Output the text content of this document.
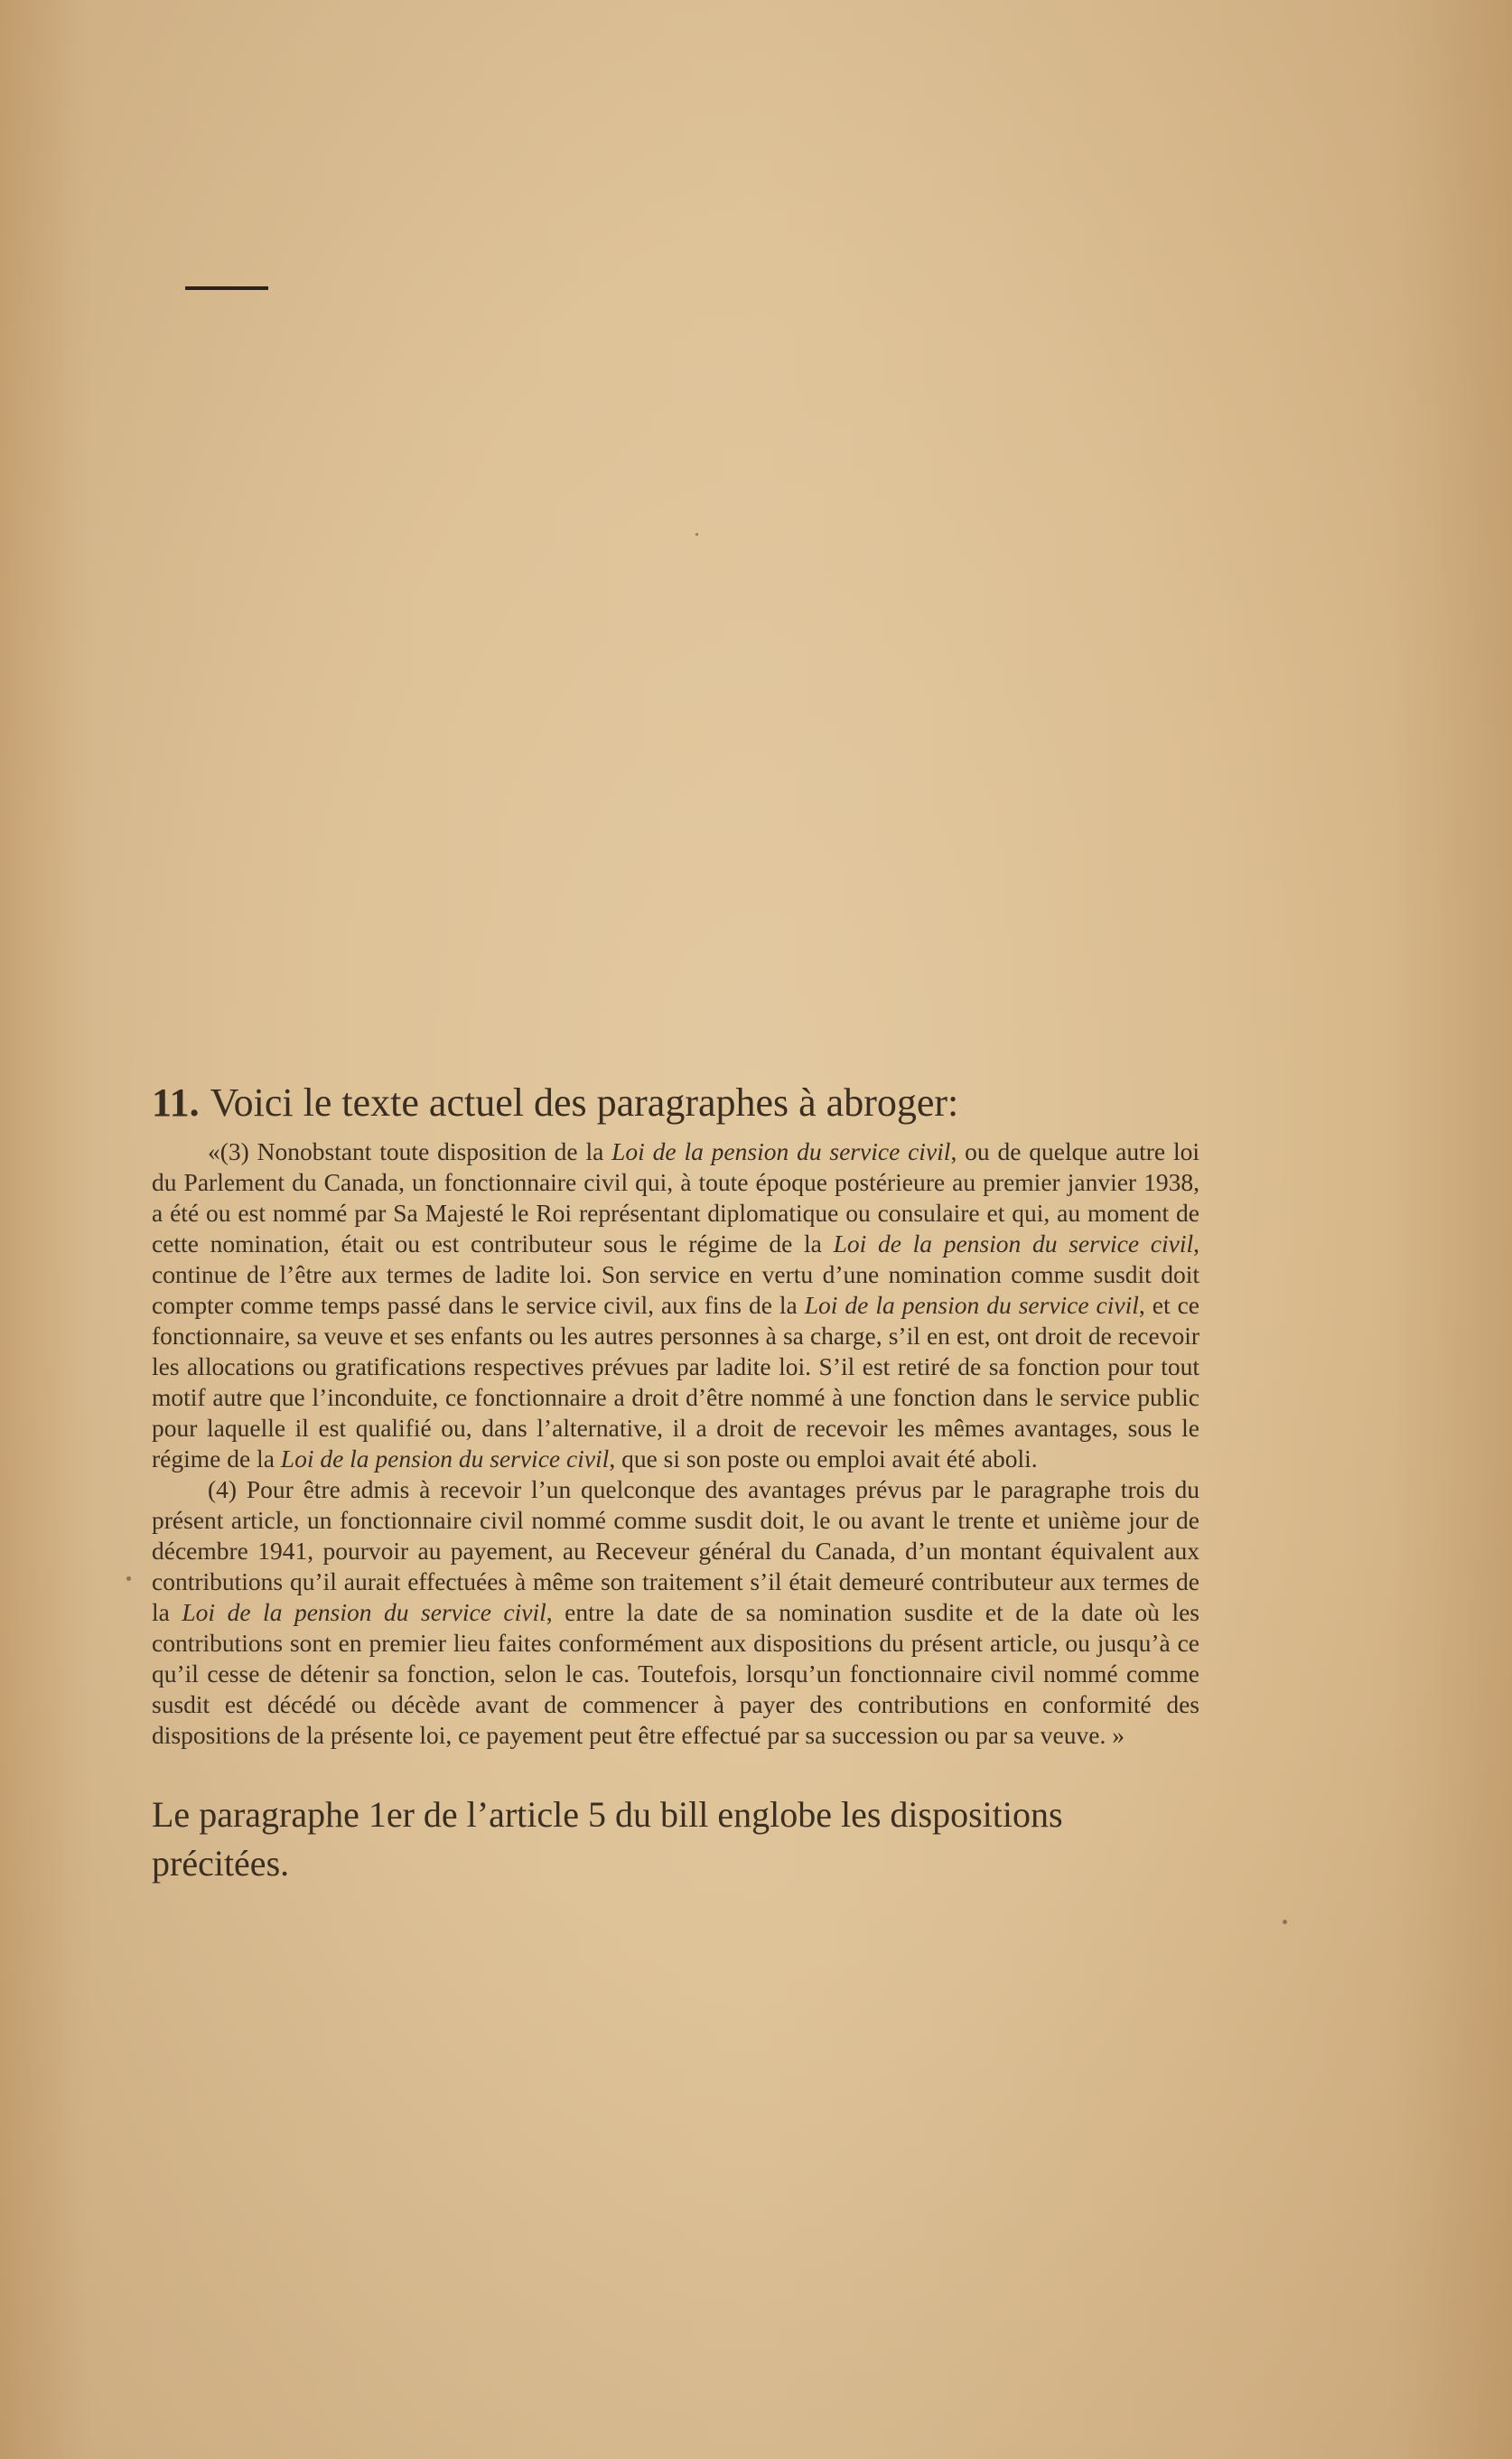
11. Voici le texte actuel des paragraphes à abroger:

«(3) Nonobstant toute disposition de la Loi de la pension du service civil, ou de quelque autre loi du Parlement du Canada, un fonctionnaire civil qui, à toute époque postérieure au premier janvier 1938, a été ou est nommé par Sa Majesté le Roi représentant diplomatique ou consulaire et qui, au moment de cette nomination, était ou est contributeur sous le régime de la Loi de la pension du service civil, continue de l’être aux termes de ladite loi. Son service en vertu d’une nomination comme susdit doit compter comme temps passé dans le service civil, aux fins de la Loi de la pension du service civil, et ce fonctionnaire, sa veuve et ses enfants ou les autres personnes à sa charge, s’il en est, ont droit de recevoir les allocations ou gratifications respectives prévues par ladite loi. S’il est retiré de sa fonction pour tout motif autre que l’inconduite, ce fonctionnaire a droit d’être nommé à une fonction dans le service public pour laquelle il est qualifié ou, dans l’alternative, il a droit de recevoir les mêmes avantages, sous le régime de la Loi de la pension du service civil, que si son poste ou emploi avait été aboli.

(4) Pour être admis à recevoir l’un quelconque des avantages prévus par le paragraphe trois du présent article, un fonctionnaire civil nommé comme susdit doit, le ou avant le trente et unième jour de décembre 1941, pourvoir au payement, au Receveur général du Canada, d’un montant équivalent aux contributions qu’il aurait effectuées à même son traitement s’il était demeuré contributeur aux termes de la Loi de la pension du service civil, entre la date de sa nomination susdite et de la date où les contributions sont en premier lieu faites conformément aux dispositions du présent article, ou jusqu’à ce qu’il cesse de détenir sa fonction, selon le cas. Toutefois, lorsqu’un fonctionnaire civil nommé comme susdit est décédé ou décède avant de commencer à payer des contributions en conformité des dispositions de la présente loi, ce payement peut être effectué par sa succession ou par sa veuve. »

Le paragraphe 1er de l’article 5 du bill englobe les dispositions précitées.
